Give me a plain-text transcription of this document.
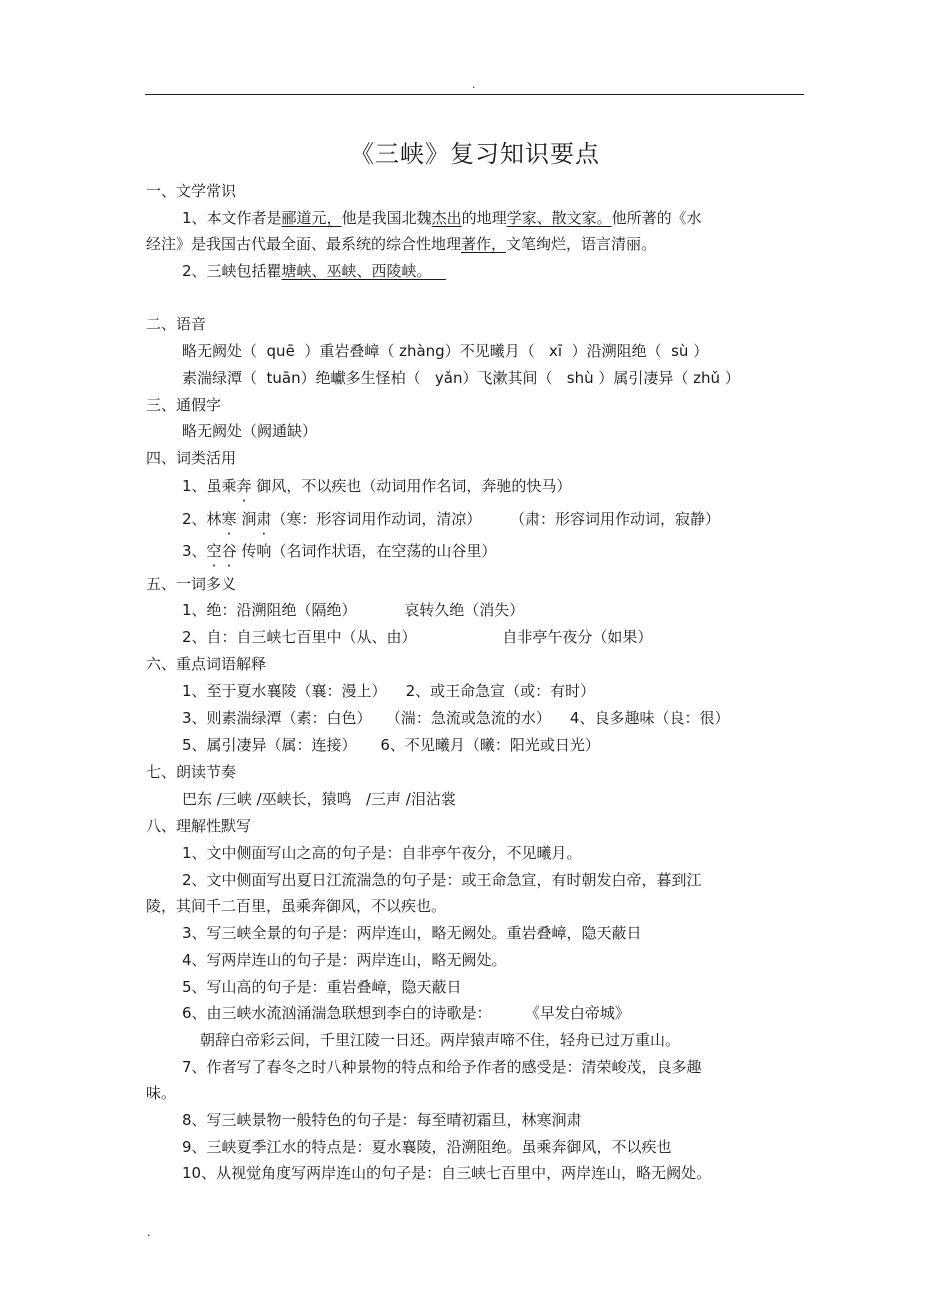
.
《三峡》复习知识要点
一、文学常识
1、本文作者是郦道元，他是我国北魏杰出的地理学家、散文家。他所著的《水
经注》是我国古代最全面、最系统的综合性地理著作，文笔绚烂，语言清丽。
2、三峡包括瞿塘峡、巫峡、西陵峡。
二、语音
略无阙处（  quē  ）重岩叠嶂（ zhàng）不见曦月（   xī  ）沿溯阻绝（  sù ）
素湍绿潭（  tuān）绝巘多生怪柏（   yǎn）飞漱其间（   shù ）属引凄异（ zhǔ ）
三、通假字
略无阙处（阙通缺）
四、词类活用
1、虽乘奔 御风，不以疾也（动词用作名词，奔驰的快马）
2、林寒 涧肃（寒：形容词用作动词，清凉）      （肃：形容词用作动词，寂静）
3、空谷 传响（名词作状语，在空荡的山谷里）
五、一词多义
1、绝：沿溯阻绝（隔绝）          哀转久绝（消失）
2、自：自三峡七百里中（从、由）                  自非亭午夜分（如果）
六、重点词语解释
1、至于夏水襄陵（襄：漫上）    2、或王命急宣（或：有时）
3、则素湍绿潭（素：白色）   （湍：急流或急流的水）    4、良多趣味（良：很）
5、属引凄异（属：连接）     6、不见曦月（曦：阳光或日光）
七、朗读节奏
巴东 /三峡 /巫峡长，猿鸣   /三声 /泪沾裳
八、理解性默写
1、文中侧面写山之高的句子是：自非亭午夜分，不见曦月。
2、文中侧面写出夏日江流湍急的句子是：或王命急宣，有时朝发白帝，暮到江
陵，其间千二百里，虽乘奔御风，不以疾也。
3、写三峡全景的句子是：两岸连山，略无阙处。重岩叠嶂，隐天蔽日
4、写两岸连山的句子是：两岸连山，略无阙处。
5、写山高的句子是：重岩叠嶂，隐天蔽日
6、由三峡水流汹涌湍急联想到李白的诗歌是：       《早发白帝城》
朝辞白帝彩云间，千里江陵一日还。两岸猿声啼不住，轻舟已过万重山。
7、作者写了春冬之时八种景物的特点和给予作者的感受是：清荣峻茂，良多趣
味。
8、写三峡景物一般特色的句子是：每至晴初霜旦，林寒涧肃
9、三峡夏季江水的特点是：夏水襄陵，沿溯阻绝。虽乘奔御风，不以疾也
10、从视觉角度写两岸连山的句子是：自三峡七百里中，两岸连山，略无阙处。
.
